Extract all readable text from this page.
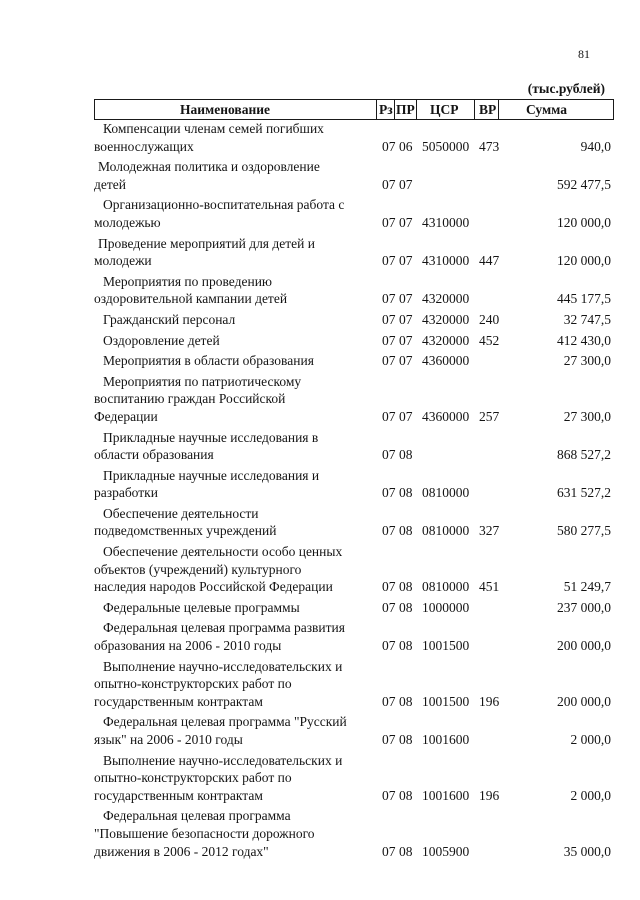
81
(тыс.рублей)
Наименование	Рз ПР ЦСР ВР Сумма
Компенсации членам семей погибших
военнослужащих	07 06 5050000 473	940,0
Молодежная политика и оздоровление
детей	07 07	592 477,5
Организационно-воспитательная работа с
молодежью	07 07 4310000	120 000,0
Проведение мероприятий для детей и
молодежи	07 07 4310000 447	120 000,0
Мероприятия по проведению
оздоровительной кампании детей	07 07 4320000	445 177,5
Гражданский персонал	07 07 4320000 240	32 747,5
Оздоровление детей	07 07 4320000 452	412 430,0
Мероприятия в области образования	07 07 4360000	27 300,0
Мероприятия по патриотическому
воспитанию граждан Российской
Федерации	07 07 4360000 257	27 300,0
Прикладные научные исследования в
области образования	07 08	868 527,2
Прикладные научные исследования и
разработки	07 08 0810000	631 527,2
Обеспечение деятельности
подведомственных учреждений	07 08 0810000 327	580 277,5
Обеспечение деятельности особо ценных
объектов (учреждений) культурного
наследия народов Российской Федерации	07 08 0810000 451	51 249,7
Федеральные целевые программы	07 08 1000000	237 000,0
Федеральная целевая программа развития
образования на 2006 - 2010 годы	07 08 1001500	200 000,0
Выполнение научно-исследовательских и
опытно-конструкторских работ по
государственным контрактам	07 08 1001500 196	200 000,0
Федеральная целевая программа "Русский
язык" на 2006 - 2010 годы	07 08 1001600	2 000,0
Выполнение научно-исследовательских и
опытно-конструкторских работ по
государственным контрактам	07 08 1001600 196	2 000,0
Федеральная целевая программа
"Повышение безопасности дорожного
движения в 2006 - 2012 годах"	07 08 1005900	35 000,0
